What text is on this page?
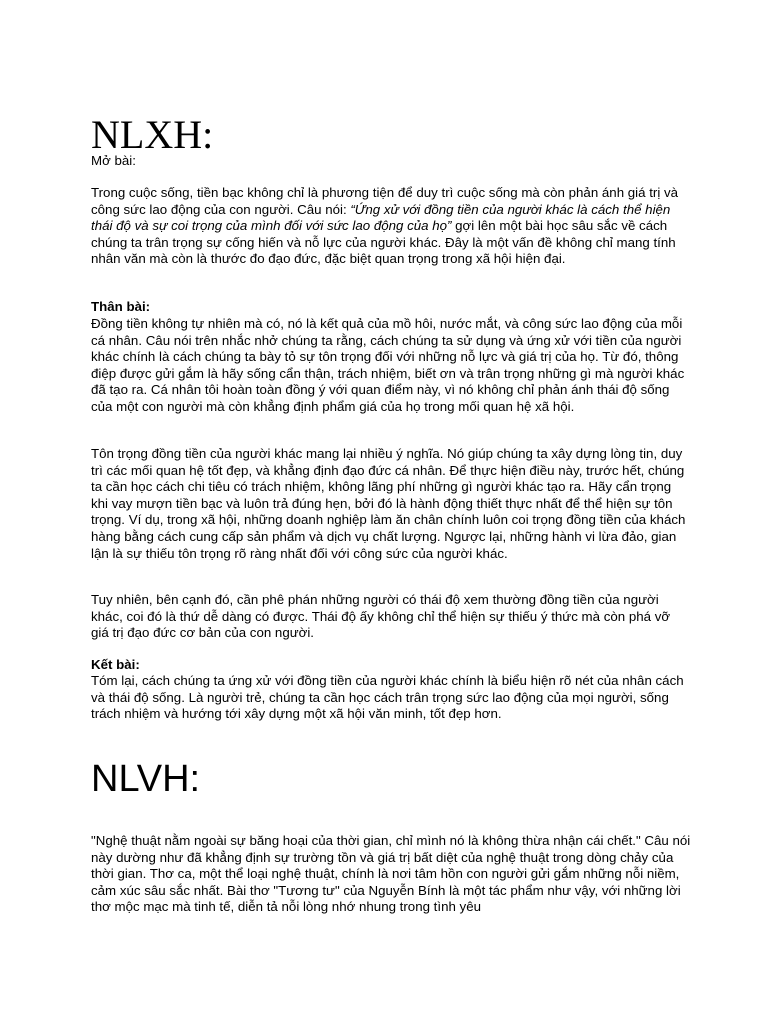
NLXH:

Mở bài:

Trong cuộc sống, tiền bạc không chỉ là phương tiện để duy trì cuộc sống mà còn phản ánh giá trị và công sức lao động của con người. Câu nói: “Ứng xử với đồng tiền của người khác là cách thể hiện thái độ và sự coi trọng của mình đối với sức lao động của họ” gợi lên một bài học sâu sắc về cách chúng ta trân trọng sự cống hiến và nỗ lực của người khác. Đây là một vấn đề không chỉ mang tính nhân văn mà còn là thước đo đạo đức, đặc biệt quan trọng trong xã hội hiện đại.

Thân bài:

Đồng tiền không tự nhiên mà có, nó là kết quả của mồ hôi, nước mắt, và công sức lao động của mỗi cá nhân. Câu nói trên nhắc nhở chúng ta rằng, cách chúng ta sử dụng và ứng xử với tiền của người khác chính là cách chúng ta bày tỏ sự tôn trọng đối với những nỗ lực và giá trị của họ. Từ đó, thông điệp được gửi gắm là hãy sống cẩn thận, trách nhiệm, biết ơn và trân trọng những gì mà người khác đã tạo ra. Cá nhân tôi hoàn toàn đồng ý với quan điểm này, vì nó không chỉ phản ánh thái độ sống của một con người mà còn khẳng định phẩm giá của họ trong mối quan hệ xã hội.

Tôn trọng đồng tiền của người khác mang lại nhiều ý nghĩa. Nó giúp chúng ta xây dựng lòng tin, duy trì các mối quan hệ tốt đẹp, và khẳng định đạo đức cá nhân. Để thực hiện điều này, trước hết, chúng ta cần học cách chi tiêu có trách nhiệm, không lãng phí những gì người khác tạo ra. Hãy cẩn trọng khi vay mượn tiền bạc và luôn trả đúng hẹn, bởi đó là hành động thiết thực nhất để thể hiện sự tôn trọng. Ví dụ, trong xã hội, những doanh nghiệp làm ăn chân chính luôn coi trọng đồng tiền của khách hàng bằng cách cung cấp sản phẩm và dịch vụ chất lượng. Ngược lại, những hành vi lừa đảo, gian lận là sự thiếu tôn trọng rõ ràng nhất đối với công sức của người khác.

Tuy nhiên, bên cạnh đó, cần phê phán những người có thái độ xem thường đồng tiền của người khác, coi đó là thứ dễ dàng có được. Thái độ ấy không chỉ thể hiện sự thiếu ý thức mà còn phá vỡ giá trị đạo đức cơ bản của con người.

Kết bài:

Tóm lại, cách chúng ta ứng xử với đồng tiền của người khác chính là biểu hiện rõ nét của nhân cách và thái độ sống. Là người trẻ, chúng ta cần học cách trân trọng sức lao động của mọi người, sống trách nhiệm và hướng tới xây dựng một xã hội văn minh, tốt đẹp hơn.

NLVH:

"Nghệ thuật nằm ngoài sự băng hoại của thời gian, chỉ mình nó là không thừa nhận cái chết." Câu nói này dường như đã khẳng định sự trường tồn và giá trị bất diệt của nghệ thuật trong dòng chảy của thời gian. Thơ ca, một thể loại nghệ thuật, chính là nơi tâm hồn con người gửi gắm những nỗi niềm, cảm xúc sâu sắc nhất. Bài thơ "Tương tư" của Nguyễn Bính là một tác phẩm như vậy, với những lời thơ mộc mạc mà tinh tế, diễn tả nỗi lòng nhớ nhung trong tình yêu
